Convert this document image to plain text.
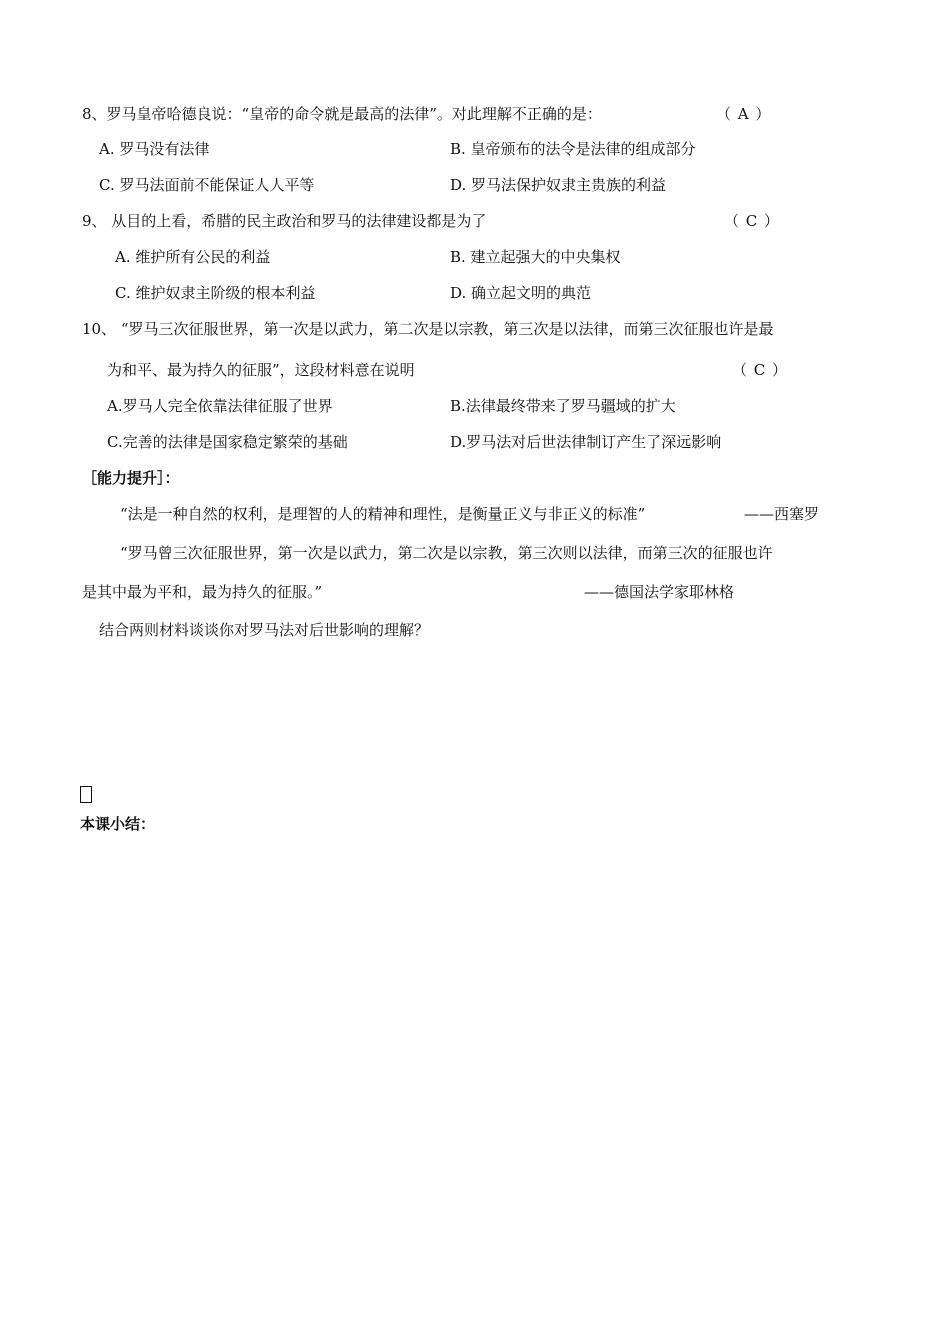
8、罗马皇帝哈德良说：“皇帝的命令就是最高的法律”。对此理解不正确的是：	（ A ）
A. 罗马没有法律	B. 皇帝颁布的法令是法律的组成部分
C. 罗马法面前不能保证人人平等	D. 罗马法保护奴隶主贵族的利益
9、 从目的上看，希腊的民主政治和罗马的法律建设都是为了	（ C ）
A. 维护所有公民的利益	B. 建立起强大的中央集权
C. 维护奴隶主阶级的根本利益	D. 确立起文明的典范
10、 “罗马三次征服世界，第一次是以武力，第二次是以宗教，第三次是以法律，而第三次征服也许是最
为和平、最为持久的征服”，这段材料意在说明	（ C ）
A.罗马人完全依靠法律征服了世界	B.法律最终带来了罗马疆域的扩大
C.完善的法律是国家稳定繁荣的基础	D.罗马法对后世法律制订产生了深远影响
［能力提升］：
“法是一种自然的权利，是理智的人的精神和理性，是衡量正义与非正义的标准”	——西塞罗
“罗马曾三次征服世界，第一次是以武力，第二次是以宗教，第三次则以法律，而第三次的征服也许
是其中最为平和，最为持久的征服。”	——德国法学家耶林格
结合两则材料谈谈你对罗马法对后世影响的理解？
本课小结：
